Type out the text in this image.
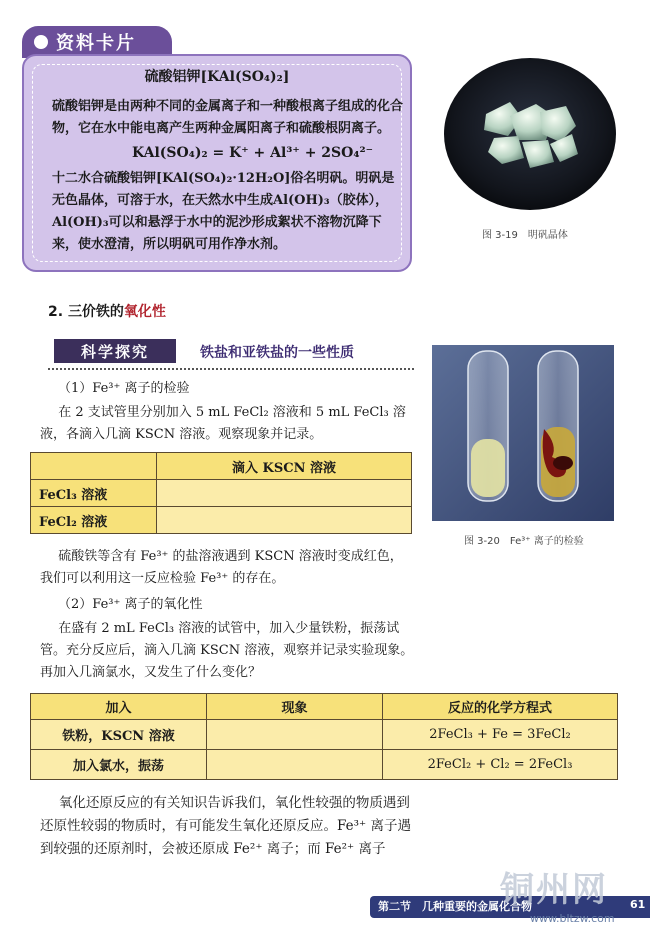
资料卡片
硫酸铝钾[KAl(SO₄)₂]
硫酸铝钾是由两种不同的金属离子和一种酸根离子组成的化合物，它在水中能电离产生两种金属阳离子和硫酸根阴离子。
KAl(SO₄)₂ = K⁺ + Al³⁺ + 2SO₄²⁻
十二水合硫酸铝钾[KAl(SO₄)₂·12H₂O]俗名明矾。明矾是无色晶体，可溶于水，在天然水中生成Al(OH)₃（胶体），Al(OH)₃可以和悬浮于水中的泥沙形成絮状不溶物沉降下来，使水澄清，所以明矾可用作净水剂。
图 3-19　明矾晶体
2. 三价铁的氧化性
科学探究	铁盐和亚铁盐的一些性质
（1）Fe³⁺ 离子的检验
在 2 支试管里分别加入 5 mL FeCl₂ 溶液和 5 mL FeCl₃ 溶液，各滴入几滴 KSCN 溶液。观察现象并记录。
	滴入 KSCN 溶液
FeCl₃ 溶液	
FeCl₂ 溶液	
图 3-20　Fe³⁺ 离子的检验
硫酸铁等含有 Fe³⁺ 的盐溶液遇到 KSCN 溶液时变成红色，我们可以利用这一反应检验 Fe³⁺ 的存在。
（2）Fe³⁺ 离子的氧化性
在盛有 2 mL FeCl₃ 溶液的试管中，加入少量铁粉，振荡试管。充分反应后，滴入几滴 KSCN 溶液，观察并记录实验现象。再加入几滴氯水，又发生了什么变化？
加入	现象	反应的化学方程式
铁粉，KSCN 溶液		2FeCl₃ + Fe = 3FeCl₂
加入氯水，振荡		2FeCl₂ + Cl₂ = 2FeCl₃
氧化还原反应的有关知识告诉我们，氧化性较强的物质遇到还原性较弱的物质时，有可能发生氧化还原反应。Fe³⁺ 离子遇到较强的还原剂时，会被还原成 Fe²⁺ 离子；而 Fe²⁺ 离子
第二节　几种重要的金属化合物	61
铜州网
www.bltzw.com
